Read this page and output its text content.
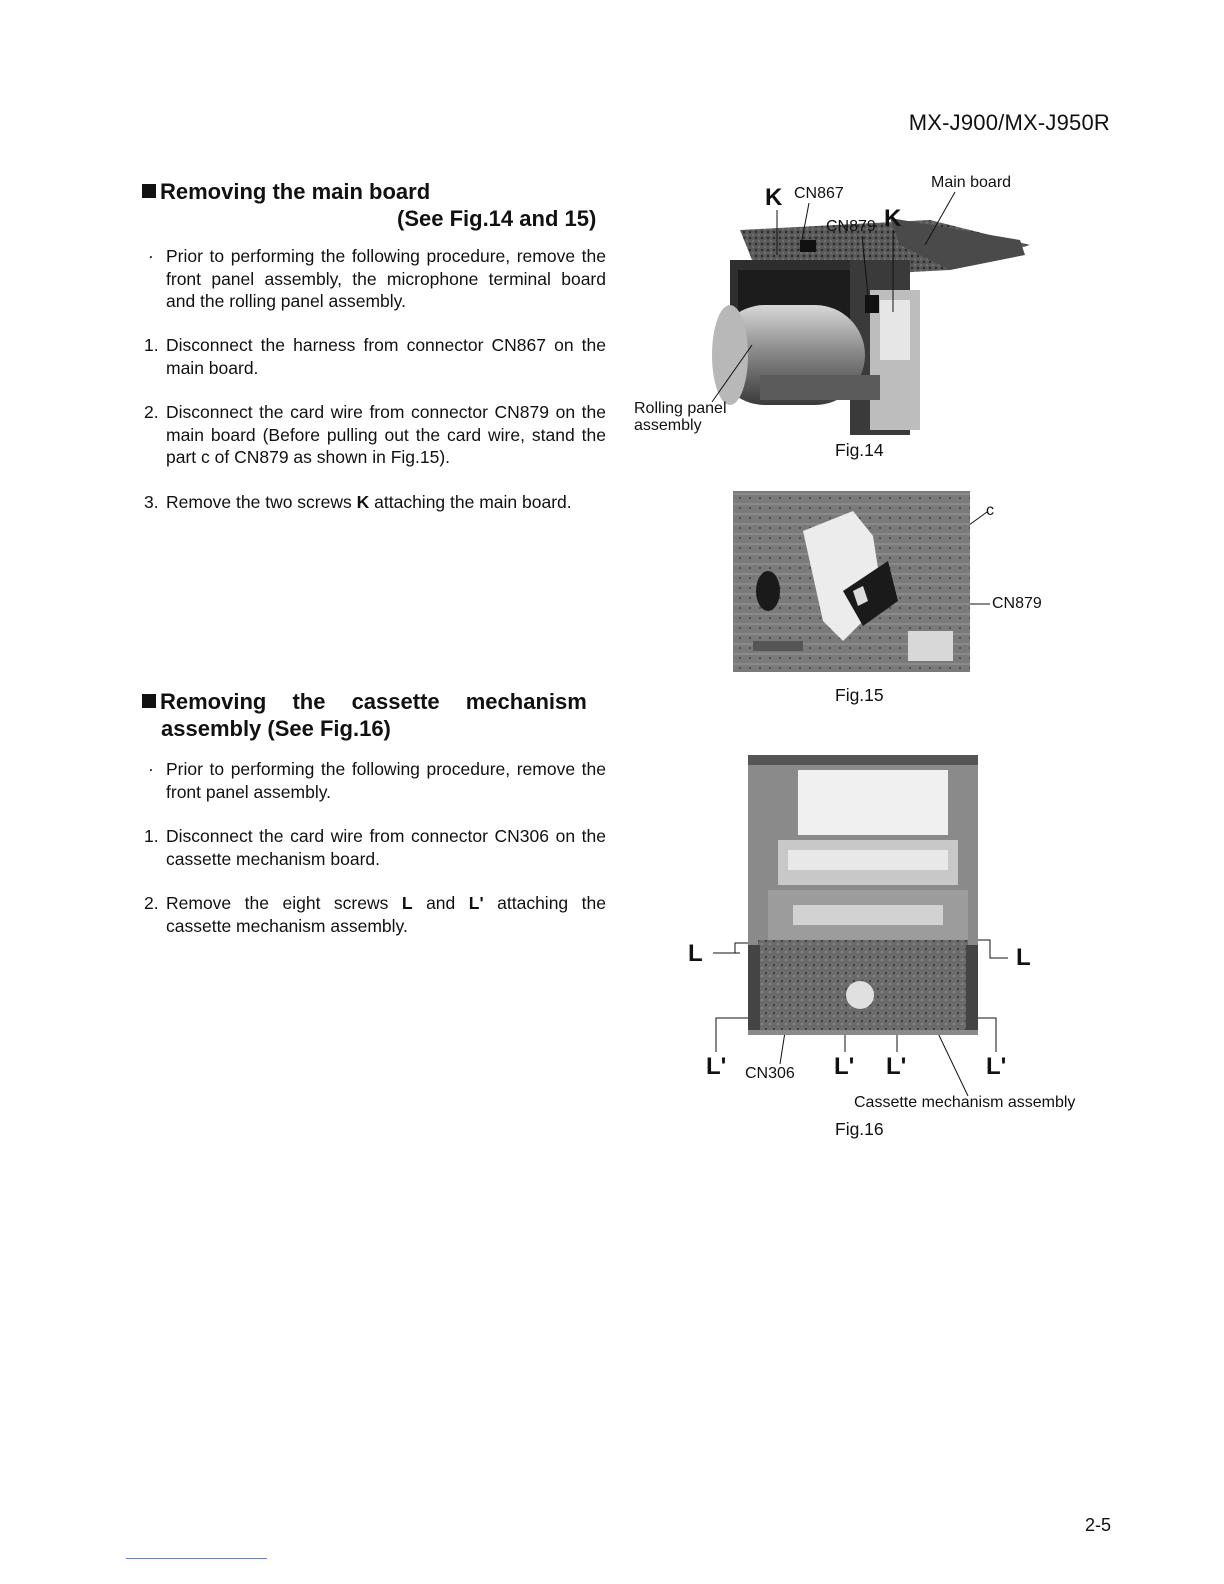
MX-J900/MX-J950R
Removing the main board
(See Fig.14 and 15)
· Prior to performing the following procedure, remove the front panel assembly, the microphone terminal board and the rolling panel assembly.
1. Disconnect the harness from connector CN867 on the main board.
2. Disconnect the card wire from connector CN879 on the main board (Before pulling out the card wire, stand the part c of CN879 as shown in Fig.15).
3. Remove the two screws K attaching the main board.
Removing the cassette mechanism
assembly (See Fig.16)
· Prior to performing the following procedure, remove the front panel assembly.
1. Disconnect the card wire from connector CN306 on the cassette mechanism board.
2. Remove the eight screws L and L' attaching the cassette mechanism assembly.
K CN867
CN879 K
Main board
Rolling panel
assembly
Fig.14
c
CN879
Fig.15
L	L
L' CN306 L' L'	L'
Cassette mechanism assembly
Fig.16
2-5
